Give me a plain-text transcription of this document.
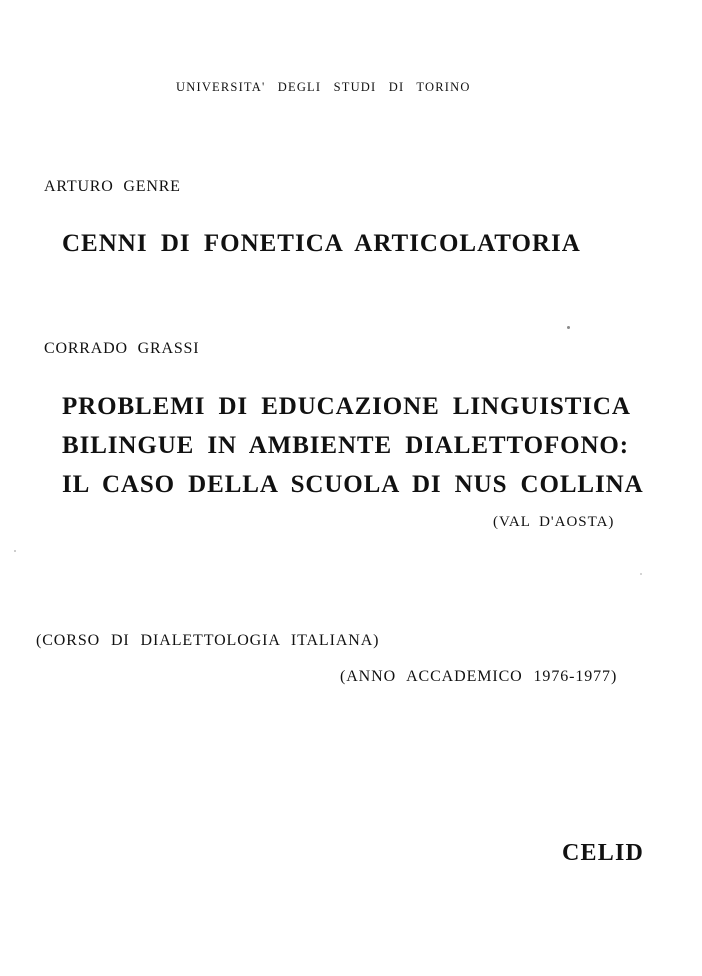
UNIVERSITA' DEGLI STUDI DI TORINO

ARTURO GENRE

CENNI DI FONETICA ARTICOLATORIA

CORRADO GRASSI

PROBLEMI DI EDUCAZIONE LINGUISTICA

BILINGUE IN AMBIENTE DIALETTOFONO:

IL CASO DELLA SCUOLA DI NUS COLLINA

(VAL D'AOSTA)

(CORSO DI DIALETTOLOGIA ITALIANA)

(ANNO ACCADEMICO 1976-1977)

CELID
